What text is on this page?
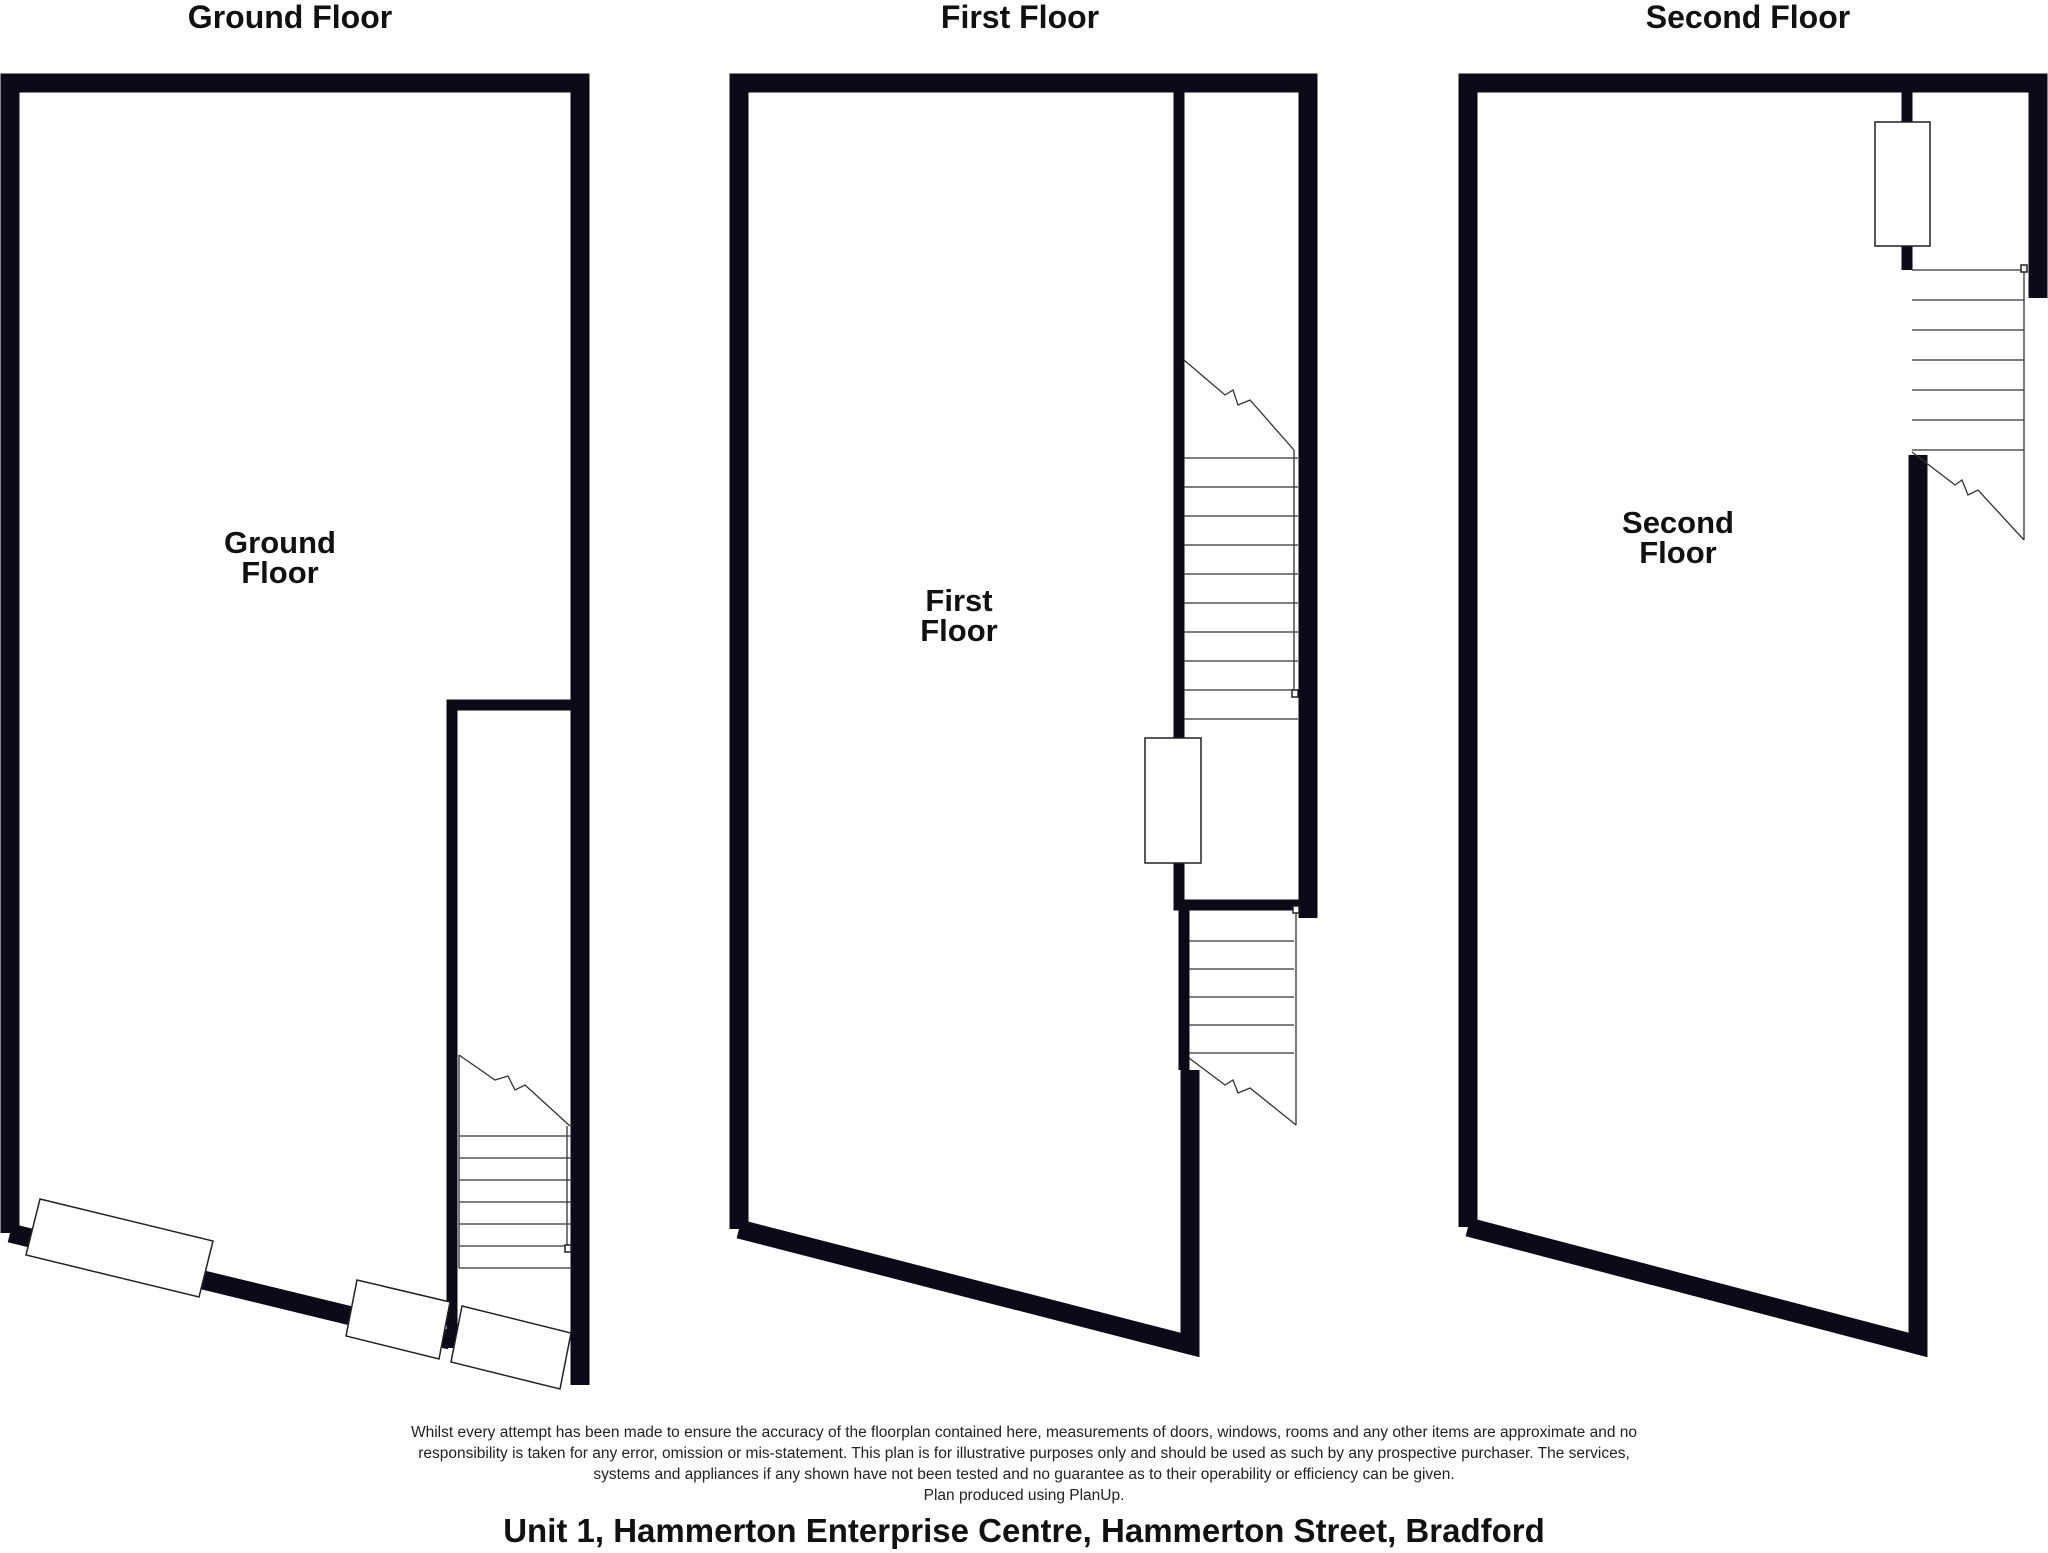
Ground Floor	First Floor	Second Floor
Ground
Floor
First
Floor
Second
Floor
Whilst every attempt has been made to ensure the accuracy of the floorplan contained here, measurements of doors, windows, rooms and any other items are approximate and no
responsibility is taken for any error, omission or mis-statement. This plan is for illustrative purposes only and should be used as such by any prospective purchaser. The services,
systems and appliances if any shown have not been tested and no guarantee as to their operability or efficiency can be given.
Plan produced using PlanUp.
Unit 1, Hammerton Enterprise Centre, Hammerton Street, Bradford
